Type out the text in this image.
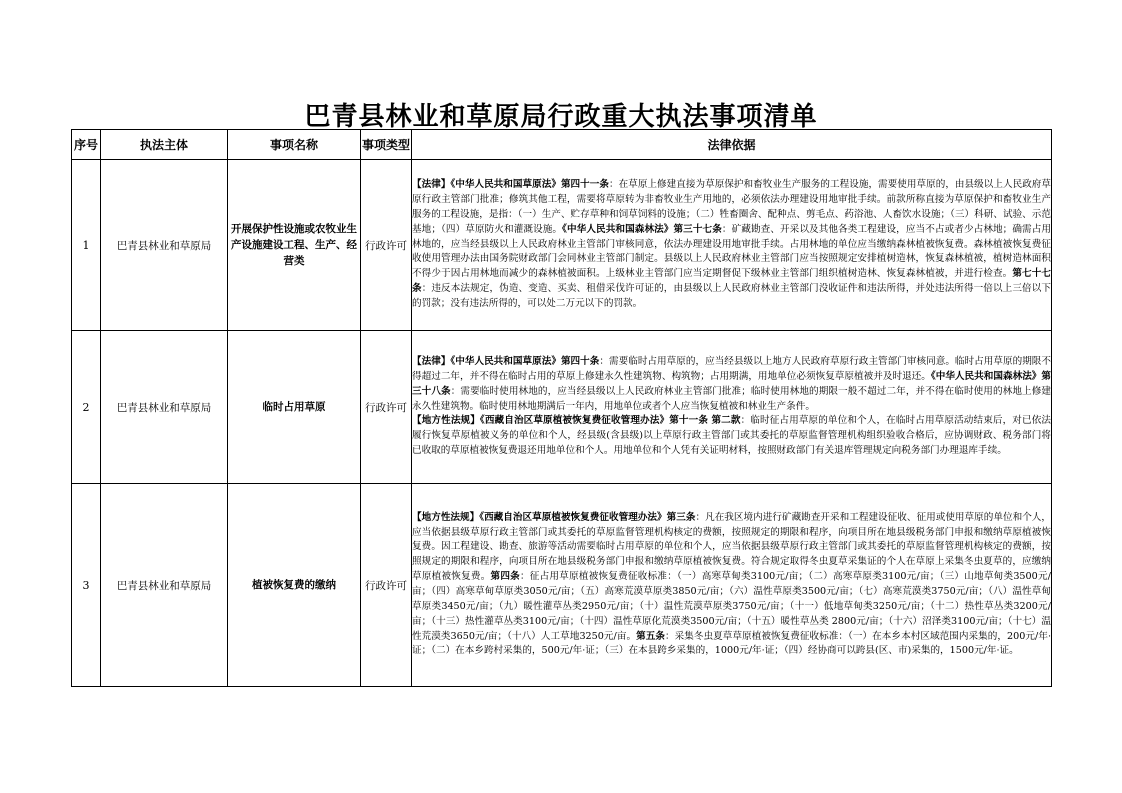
巴青县林业和草原局行政重大执法事项清单
序号	执法主体	事项名称	事项类型	法律依据
1	巴青县林业和草原局	开展保护性设施或农牧业生产设施建设工程、生产、经营类	行政许可	【法律】《中华人民共和国草原法》第四十一条：在草原上修建直接为草原保护和畜牧业生产服务的工程设施，需要使用草原的，由县级以上人民政府草原行政主管部门批准；修筑其他工程，需要将草原转为非畜牧业生产用地的，必须依法办理建设用地审批手续。前款所称直接为草原保护和畜牧业生产服务的工程设施，是指：（一）生产、贮存草种和饲草饲料的设施；（二）牲畜圈舍、配种点、剪毛点、药浴池、人畜饮水设施；（三）科研、试验、示范基地；（四）草原防火和灌溉设施。《中华人民共和国森林法》第三十七条：矿藏勘查、开采以及其他各类工程建设，应当不占或者少占林地；确需占用林地的，应当经县级以上人民政府林业主管部门审核同意，依法办理建设用地审批手续。占用林地的单位应当缴纳森林植被恢复费。森林植被恢复费征收使用管理办法由国务院财政部门会同林业主管部门制定。县级以上人民政府林业主管部门应当按照规定安排植树造林，恢复森林植被，植树造林面积不得少于因占用林地而减少的森林植被面积。上级林业主管部门应当定期督促下级林业主管部门组织植树造林、恢复森林植被，并进行检查。第七十七条：违反本法规定，伪造、变造、买卖、租借采伐许可证的，由县级以上人民政府林业主管部门没收证件和违法所得，并处违法所得一倍以上三倍以下的罚款；没有违法所得的，可以处二万元以下的罚款。

2	巴青县林业和草原局	临时占用草原	行政许可	【法律】《中华人民共和国草原法》第四十条：需要临时占用草原的，应当经县级以上地方人民政府草原行政主管部门审核同意。临时占用草原的期限不得超过二年，并不得在临时占用的草原上修建永久性建筑物、构筑物；占用期满，用地单位必须恢复草原植被并及时退还。《中华人民共和国森林法》第三十八条：需要临时使用林地的，应当经县级以上人民政府林业主管部门批准；临时使用林地的期限一般不超过二年，并不得在临时使用的林地上修建永久性建筑物。临时使用林地期满后一年内，用地单位或者个人应当恢复植被和林业生产条件。

【地方性法规】《西藏自治区草原植被恢复费征收管理办法》第十一条 第二款：临时征占用草原的单位和个人，在临时占用草原活动结束后，对已依法履行恢复草原植被义务的单位和个人，经县级(含县级)以上草原行政主管部门或其委托的草原监督管理机构组织验收合格后，应协调财政、税务部门将已收取的草原植被恢复费退还用地单位和个人。用地单位和个人凭有关证明材料，按照财政部门有关退库管理规定向税务部门办理退库手续。

3	巴青县林业和草原局	植被恢复费的缴纳	行政许可	【地方性法规】《西藏自治区草原植被恢复费征收管理办法》第三条：凡在我区境内进行矿藏勘查开采和工程建设征收、征用或使用草原的单位和个人，应当依据县级草原行政主管部门或其委托的草原监督管理机构核定的费额，按照规定的期限和程序，向项目所在地县级税务部门申报和缴纳草原植被恢复费。因工程建设、勘查、旅游等活动需要临时占用草原的单位和个人，应当依据县级草原行政主管部门或其委托的草原监督管理机构核定的费额，按照规定的期限和程序，向项目所在地县级税务部门申报和缴纳草原植被恢复费。符合规定取得冬虫夏草采集证的个人在草原上采集冬虫夏草的，应缴纳草原植被恢复费。第四条：征占用草原植被恢复费征收标准：（一）高寒草甸类3100元/亩；（二）高寒草原类3100元/亩；（三）山地草甸类3500元/亩；（四）高寒草甸草原类3050元/亩；（五）高寒荒漠草原类3850元/亩；（六）温性草原类3500元/亩；（七）高寒荒漠类3750元/亩；（八）温性草甸草原类3450元/亩；（九）暖性灌草丛类2950元/亩；（十）温性荒漠草原类3750元/亩；（十一）低地草甸类3250元/亩；（十二）热性草丛类3200元/亩；（十三）热性灌草丛类3100元/亩；（十四）温性草原化荒漠类3500元/亩；（十五）暖性草丛类 2800元/亩；（十六）沼泽类3100元/亩；（十七）温性荒漠类3650元/亩；（十八）人工草地3250元/亩。第五条：采集冬虫夏草草原植被恢复费征收标准：（一）在本乡本村区域范围内采集的，200元/年·证；（二）在本乡跨村采集的，500元/年·证；（三）在本县跨乡采集的，1000元/年·证；（四）经协商可以跨县(区、市)采集的，1500元/年·证。
